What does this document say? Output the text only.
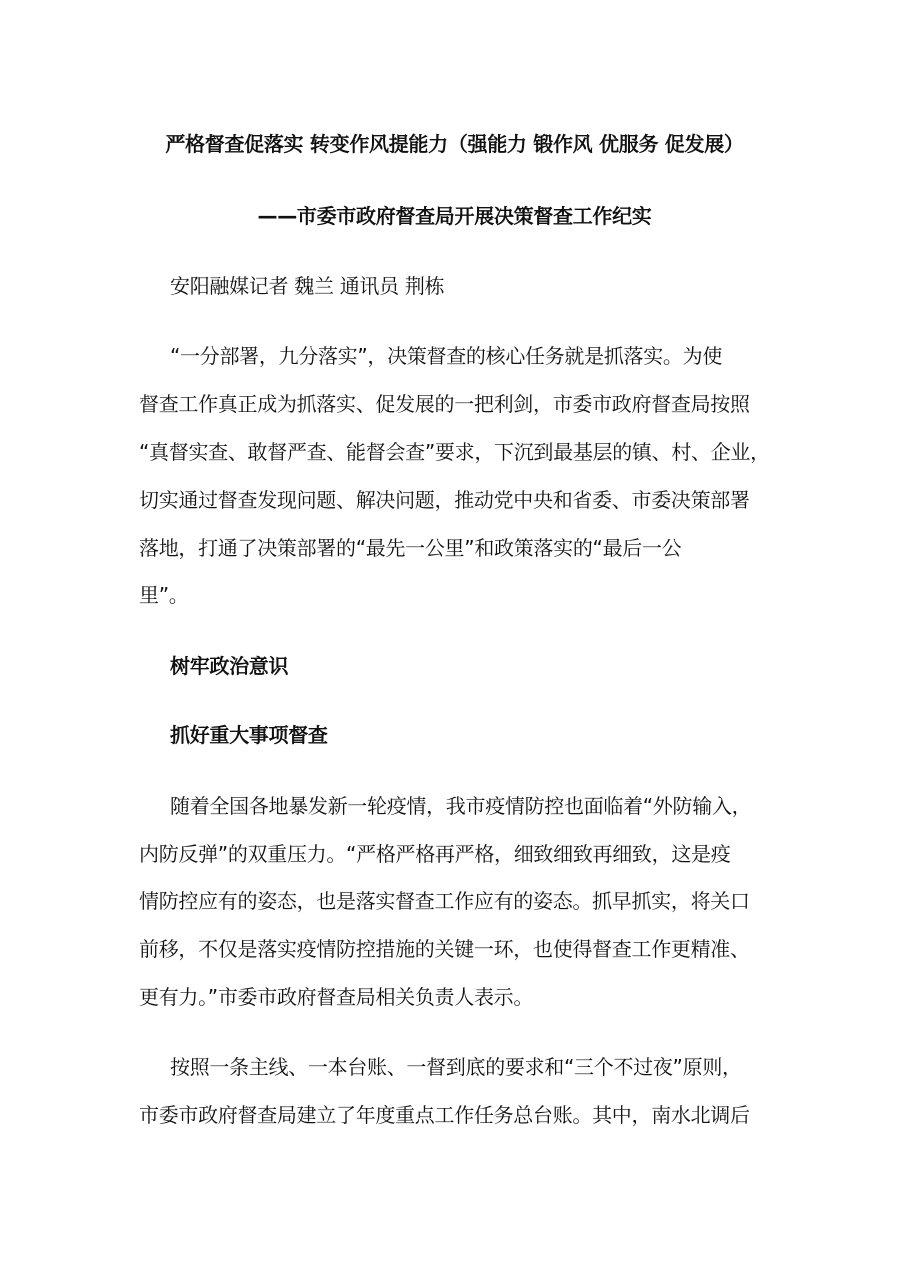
严格督查促落实 转变作风提能力（强能力 锻作风 优服务 促发展）
——市委市政府督查局开展决策督查工作纪实
安阳融媒记者 魏兰 通讯员 荆栋
“一分部署，九分落实”，决策督查的核心任务就是抓落实。为使
督查工作真正成为抓落实、促发展的一把利剑，市委市政府督查局按照
“真督实查、敢督严查、能督会查”要求，下沉到最基层的镇、村、企业，
切实通过督查发现问题、解决问题，推动党中央和省委、市委决策部署
落地，打通了决策部署的“最先一公里”和政策落实的“最后一公
里”。
树牢政治意识
抓好重大事项督查
随着全国各地暴发新一轮疫情，我市疫情防控也面临着“外防输入，
内防反弹”的双重压力。“严格严格再严格，细致细致再细致，这是疫
情防控应有的姿态，也是落实督查工作应有的姿态。抓早抓实，将关口
前移，不仅是落实疫情防控措施的关键一环，也使得督查工作更精准、
更有力。”市委市政府督查局相关负责人表示。
按照一条主线、一本台账、一督到底的要求和“三个不过夜”原则，
市委市政府督查局建立了年度重点工作任务总台账。其中，南水北调后
